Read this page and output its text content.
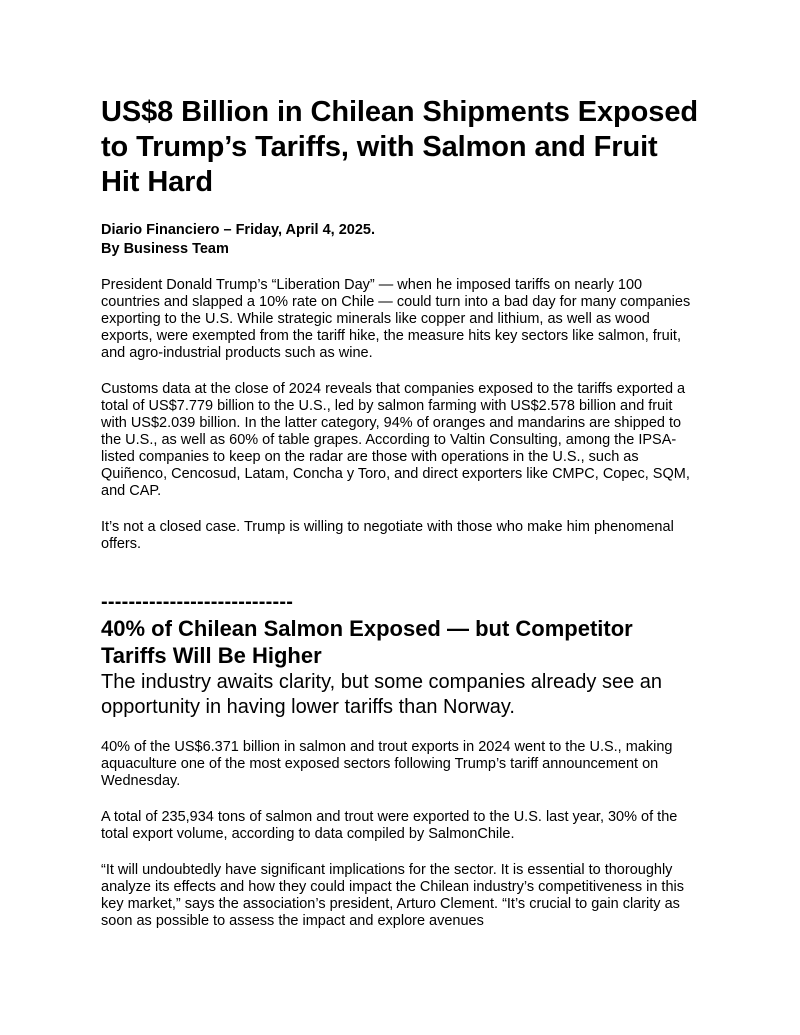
US$8 Billion in Chilean Shipments Exposed to Trump’s Tariffs, with Salmon and Fruit Hit Hard
Diario Financiero – Friday, April 4, 2025.
By Business Team

President Donald Trump’s “Liberation Day” — when he imposed tariffs on nearly 100 countries and slapped a 10% rate on Chile — could turn into a bad day for many companies exporting to the U.S. While strategic minerals like copper and lithium, as well as wood exports, were exempted from the tariff hike, the measure hits key sectors like salmon, fruit, and agro-industrial products such as wine.

Customs data at the close of 2024 reveals that companies exposed to the tariffs exported a total of US$7.779 billion to the U.S., led by salmon farming with US$2.578 billion and fruit with US$2.039 billion. In the latter category, 94% of oranges and mandarins are shipped to the U.S., as well as 60% of table grapes. According to Valtin Consulting, among the IPSA-listed companies to keep on the radar are those with operations in the U.S., such as Quiñenco, Cencosud, Latam, Concha y Toro, and direct exporters like CMPC, Copec, SQM, and CAP.

It’s not a closed case. Trump is willing to negotiate with those who make him phenomenal offers.

----------------------------
40% of Chilean Salmon Exposed — but Competitor Tariffs Will Be Higher
The industry awaits clarity, but some companies already see an opportunity in having lower tariffs than Norway.

40% of the US$6.371 billion in salmon and trout exports in 2024 went to the U.S., making aquaculture one of the most exposed sectors following Trump’s tariff announcement on Wednesday.

A total of 235,934 tons of salmon and trout were exported to the U.S. last year, 30% of the total export volume, according to data compiled by SalmonChile.

“It will undoubtedly have significant implications for the sector. It is essential to thoroughly analyze its effects and how they could impact the Chilean industry’s competitiveness in this key market,” says the association’s president, Arturo Clement. “It’s crucial to gain clarity as soon as possible to assess the impact and explore avenues
